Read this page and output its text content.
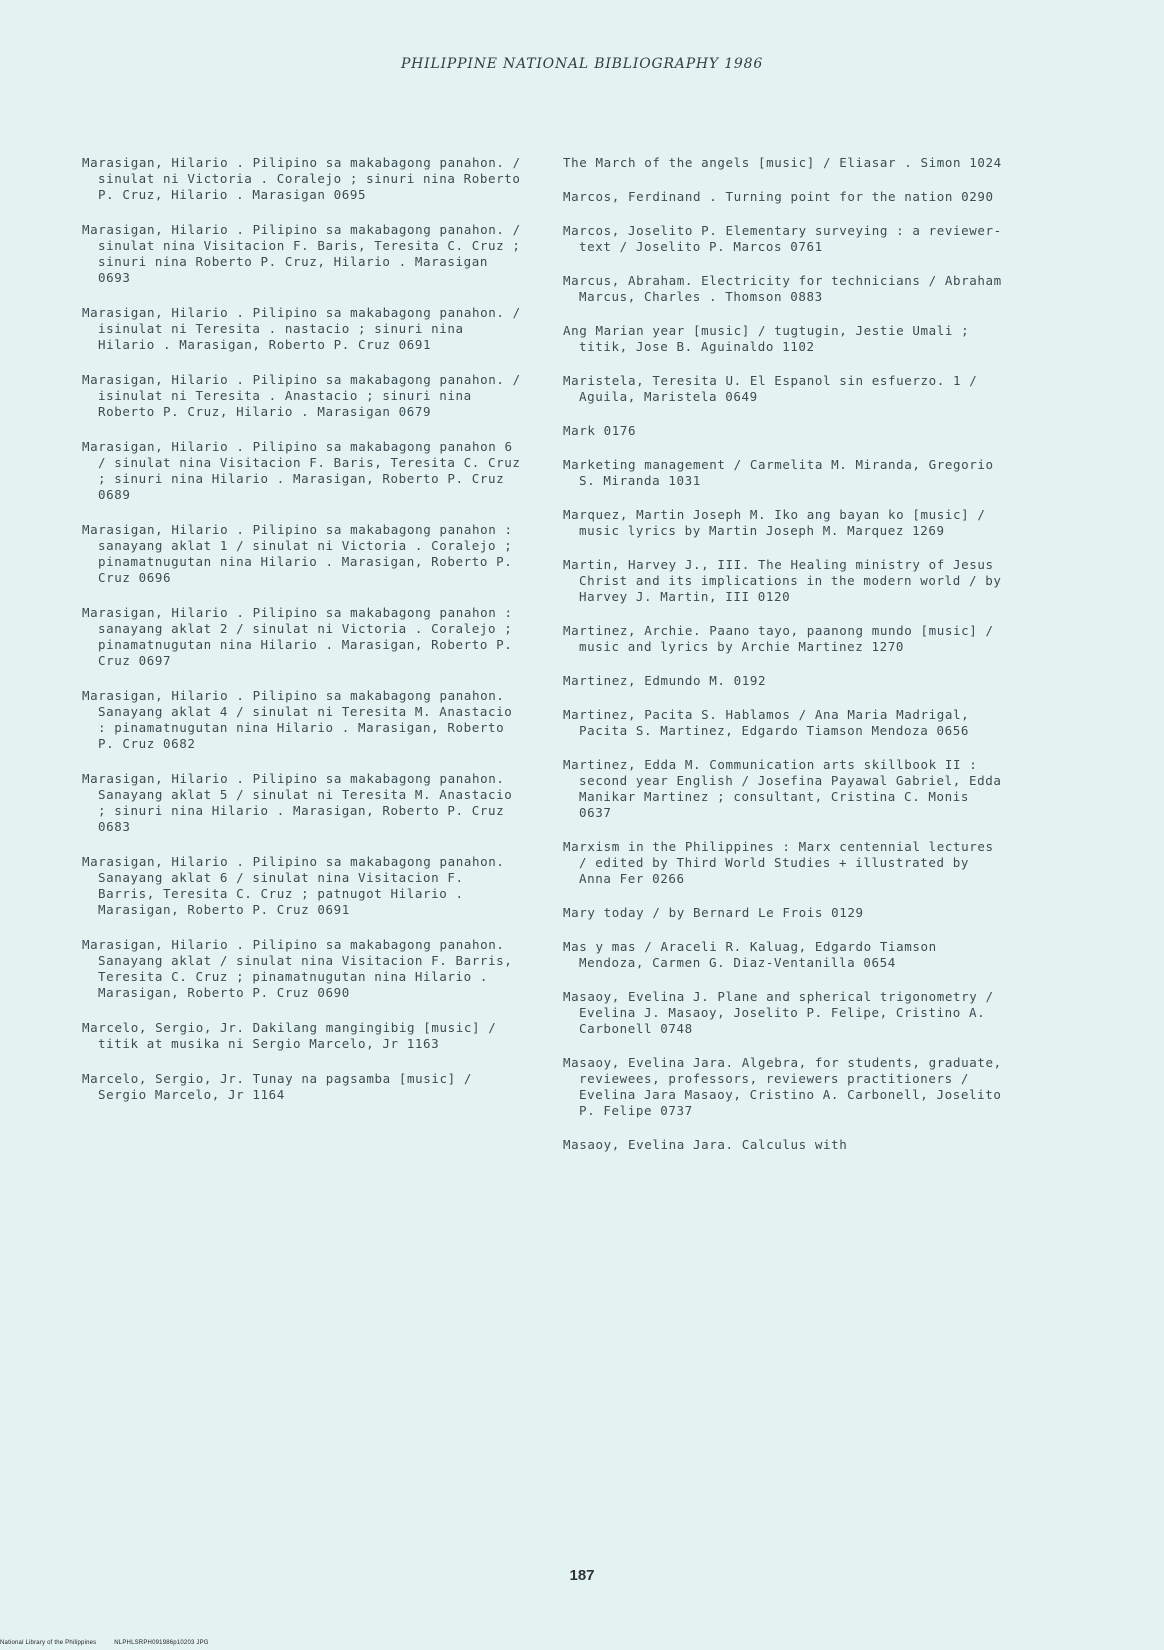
PHILIPPINE NATIONAL BIBLIOGRAPHY 1986
Marasigan, Hilario . Pilipino sa makabagong panahon. / sinulat ni Victoria . Coralejo ; sinuri nina Roberto P. Cruz, Hilario . Marasigan 0695
Marasigan, Hilario . Pilipino sa makabagong panahon. / sinulat nina Visitacion F. Baris, Teresita C. Cruz ; sinuri nina Roberto P. Cruz, Hilario . Marasigan 0693
Marasigan, Hilario . Pilipino sa makabagong panahon. / isinulat ni Teresita . nastacio ; sinuri nina Hilario . Marasigan, Roberto P. Cruz 0691
Marasigan, Hilario . Pilipino sa makabagong panahon. / isinulat ni Teresita . Anastacio ; sinuri nina Roberto P. Cruz, Hilario . Marasigan 0679
Marasigan, Hilario . Pilipino sa makabagong panahon 6 / sinulat nina Visitacion F. Baris, Teresita C. Cruz ; sinuri nina Hilario . Marasigan, Roberto P. Cruz 0689
Marasigan, Hilario . Pilipino sa makabagong panahon : sanayang aklat 1 / sinulat ni Victoria . Coralejo ; pinamatnugutan nina Hilario . Marasigan, Roberto P. Cruz 0696
Marasigan, Hilario . Pilipino sa makabagong panahon : sanayang aklat 2 / sinulat ni Victoria . Coralejo ; pinamatnugutan nina Hilario . Marasigan, Roberto P. Cruz 0697
Marasigan, Hilario . Pilipino sa makabagong panahon. Sanayang aklat 4 / sinulat ni Teresita M. Anastacio : pinamatnugutan nina Hilario . Marasigan, Roberto P. Cruz 0682
Marasigan, Hilario . Pilipino sa makabagong panahon. Sanayang aklat 5 / sinulat ni Teresita M. Anastacio ; sinuri nina Hilario . Marasigan, Roberto P. Cruz 0683
Marasigan, Hilario . Pilipino sa makabagong panahon. Sanayang aklat 6 / sinulat nina Visitacion F. Barris, Teresita C. Cruz ; patnugot Hilario . Marasigan, Roberto P. Cruz 0691
Marasigan, Hilario . Pilipino sa makabagong panahon. Sanayang aklat / sinulat nina Visitacion F. Barris, Teresita C. Cruz ; pinamatnugutan nina Hilario . Marasigan, Roberto P. Cruz 0690
Marcelo, Sergio, Jr. Dakilang mangingibig [music] / titik at musika ni Sergio Marcelo, Jr 1163
Marcelo, Sergio, Jr. Tunay na pagsamba [music] / Sergio Marcelo, Jr 1164
The March of the angels [music] / Eliasar . Simon 1024
Marcos, Ferdinand . Turning point for the nation 0290
Marcos, Joselito P. Elementary surveying : a reviewer-text / Joselito P. Marcos 0761
Marcus, Abraham. Electricity for technicians / Abraham Marcus, Charles . Thomson 0883
Ang Marian year [music] / tugtugin, Jestie Umali ; titik, Jose B. Aguinaldo 1102
Maristela, Teresita U. El Espanol sin esfuerzo. 1 / Aguila, Maristela 0649
Mark 0176
Marketing management / Carmelita M. Miranda, Gregorio S. Miranda 1031
Marquez, Martin Joseph M. Iko ang bayan ko [music] / music lyrics by Martin Joseph M. Marquez 1269
Martin, Harvey J., III. The Healing ministry of Jesus Christ and its implications in the modern world / by Harvey J. Martin, III 0120
Martinez, Archie. Paano tayo, paanong mundo [music] / music and lyrics by Archie Martinez 1270
Martinez, Edmundo M. 0192
Martinez, Pacita S. Hablamos / Ana Maria Madrigal, Pacita S. Martinez, Edgardo Tiamson Mendoza 0656
Martinez, Edda M. Communication arts skillbook II : second year English / Josefina Payawal Gabriel, Edda Manikar Martinez ; consultant, Cristina C. Monis 0637
Marxism in the Philippines : Marx centennial lectures / edited by Third World Studies + illustrated by Anna Fer 0266
Mary today / by Bernard Le Frois 0129
Mas y mas / Araceli R. Kaluag, Edgardo Tiamson Mendoza, Carmen G. Diaz-Ventanilla 0654
Masaoy, Evelina J. Plane and spherical trigonometry / Evelina J. Masaoy, Joselito P. Felipe, Cristino A. Carbonell 0748
Masaoy, Evelina Jara. Algebra, for students, graduate, reviewees, professors, reviewers practitioners / Evelina Jara Masaoy, Cristino A. Carbonell, Joselito P. Felipe 0737
Masaoy, Evelina Jara. Calculus with
187
National Library of the Philippines	NLPHLSRPH091986p10203 JPG
